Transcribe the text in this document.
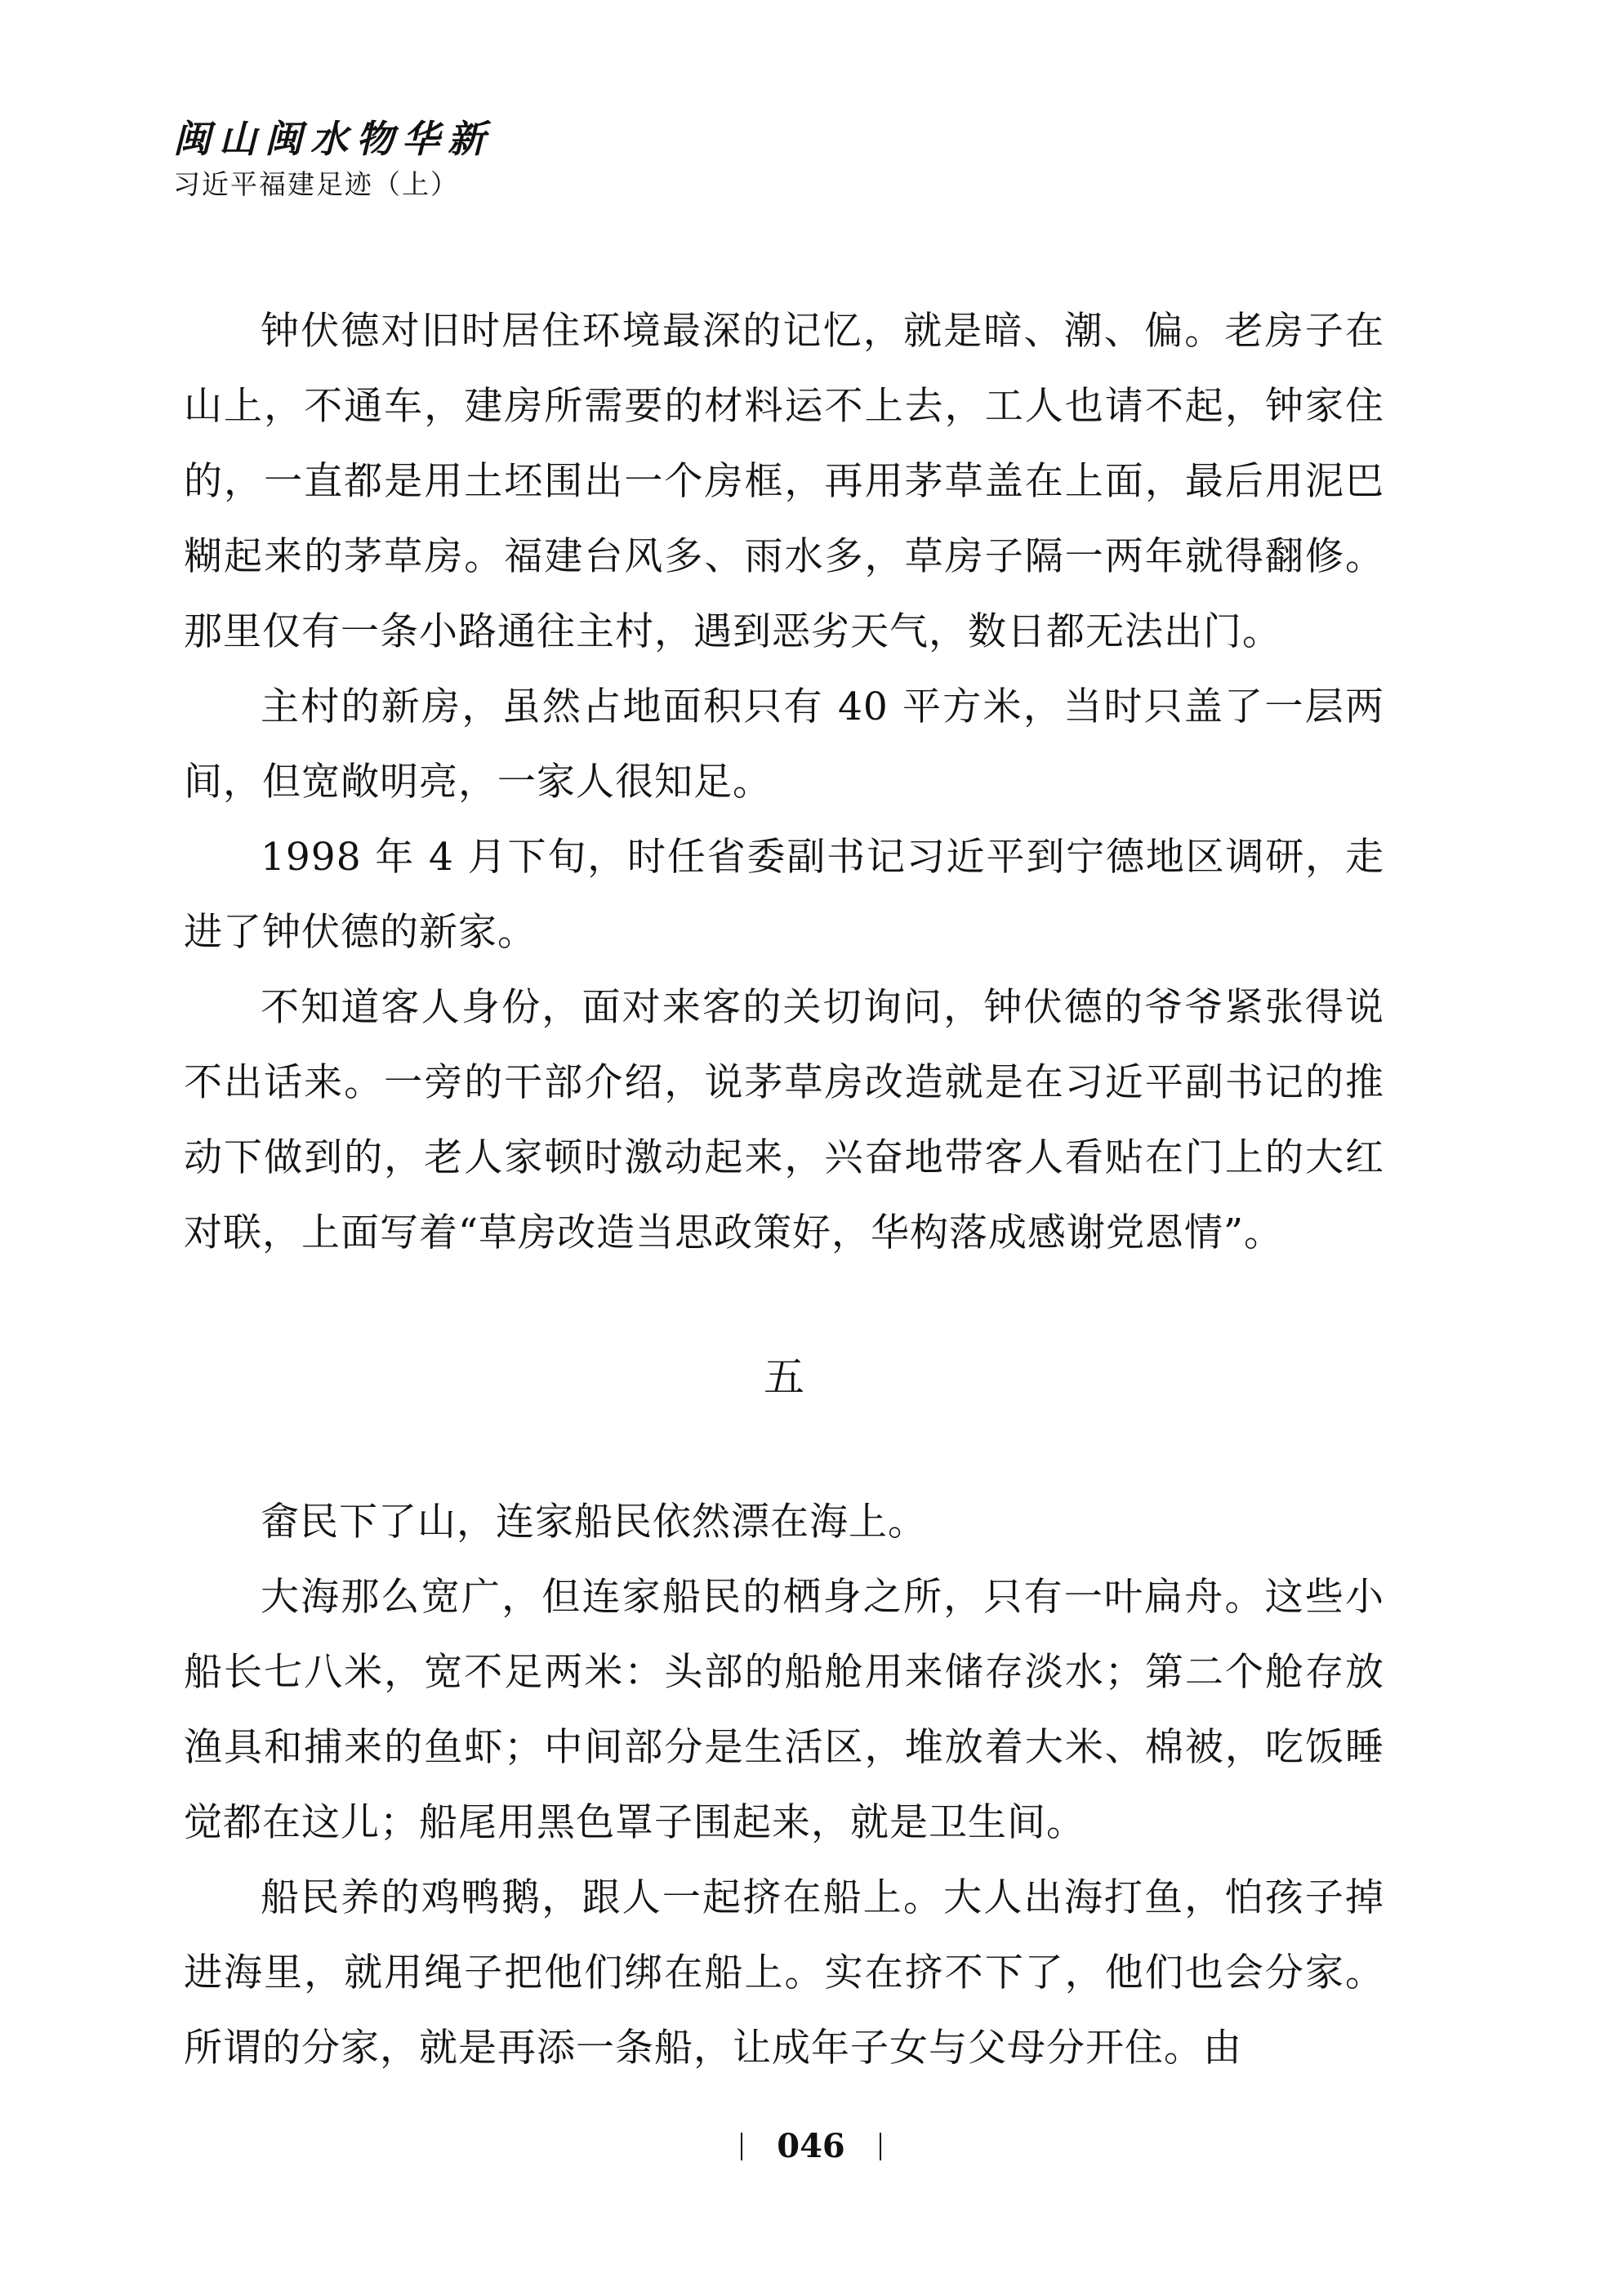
闽山闽水物华新
习近平福建足迹（上）

钟伏德对旧时居住环境最深的记忆，就是暗、潮、偏。老房子在山上，不通车，建房所需要的材料运不上去，工人也请不起，钟家住的，一直都是用土坯围出一个房框，再用茅草盖在上面，最后用泥巴糊起来的茅草房。福建台风多、雨水多，草房子隔一两年就得翻修。那里仅有一条小路通往主村，遇到恶劣天气，数日都无法出门。

主村的新房，虽然占地面积只有 40 平方米，当时只盖了一层两间，但宽敞明亮，一家人很知足。

1998 年 4 月下旬，时任省委副书记习近平到宁德地区调研，走进了钟伏德的新家。

不知道客人身份，面对来客的关切询问，钟伏德的爷爷紧张得说不出话来。一旁的干部介绍，说茅草房改造就是在习近平副书记的推动下做到的，老人家顿时激动起来，兴奋地带客人看贴在门上的大红对联，上面写着“草房改造当思政策好，华构落成感谢党恩情”。

五

畲民下了山，连家船民依然漂在海上。

大海那么宽广，但连家船民的栖身之所，只有一叶扁舟。这些小船长七八米，宽不足两米：头部的船舱用来储存淡水；第二个舱存放渔具和捕来的鱼虾；中间部分是生活区，堆放着大米、棉被，吃饭睡觉都在这儿；船尾用黑色罩子围起来，就是卫生间。

船民养的鸡鸭鹅，跟人一起挤在船上。大人出海打鱼，怕孩子掉进海里，就用绳子把他们绑在船上。实在挤不下了，他们也会分家。所谓的分家，就是再添一条船，让成年子女与父母分开住。由

046
